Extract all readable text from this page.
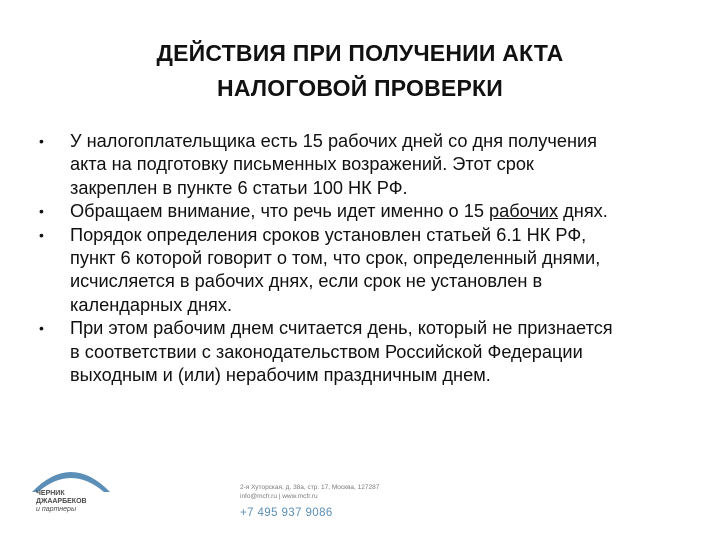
ДЕЙСТВИЯ ПРИ ПОЛУЧЕНИИ АКТА
НАЛОГОВОЙ ПРОВЕРКИ
• У налогоплательщика есть 15 рабочих дней со дня получения
акта на подготовку письменных возражений. Этот срок
закреплен в пункте 6 статьи 100 НК РФ.
• Обращаем внимание, что речь идет именно о 15 рабочих днях.
• Порядок определения сроков установлен статьей 6.1 НК РФ,
пункт 6 которой говорит о том, что срок, определенный днями,
исчисляется в рабочих днях, если срок не установлен в
календарных днях.
• При этом рабочим днем считается день, который не признается
в соответствии с законодательством Российской Федерации
выходным и (или) нерабочим праздничным днем.
ЧЕРНИК
ДЖААРБЕКОВ
и партнеры
2-я Хуторская, д. 38а, стр. 17, Москва, 127287
info@mcfr.ru | www.mcfr.ru
+7 495 937 9086
